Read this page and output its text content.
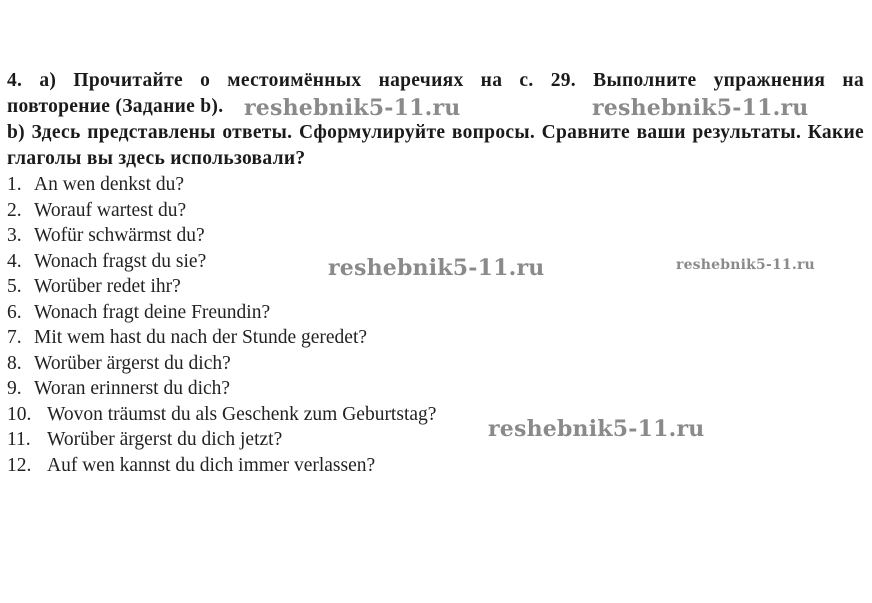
4. a) Прочитайте о местоимённых наречиях на с. 29. Выполните упражнения на
повторение (Задание b).
b) Здесь представлены ответы. Сформулируйте вопросы. Сравните ваши результаты. Какие глаголы вы здесь использовали?
1. An wen denkst du?
2. Worauf wartest du?
3. Wofür schwärmst du?
4. Wonach fragst du sie?
5. Worüber redet ihr?
6. Wonach fragt deine Freundin?
7. Mit wem hast du nach der Stunde geredet?
8. Worüber ärgerst du dich?
9. Woran erinnerst du dich?
10. Wovon träumst du als Geschenk zum Geburtstag?
11. Worüber ärgerst du dich jetzt?
12. Auf wen kannst du dich immer verlassen?
reshebnik5-11.ru	reshebnik5-11.ru
reshebnik5-11.ru	reshebnik5-11.ru
reshebnik5-11.ru
